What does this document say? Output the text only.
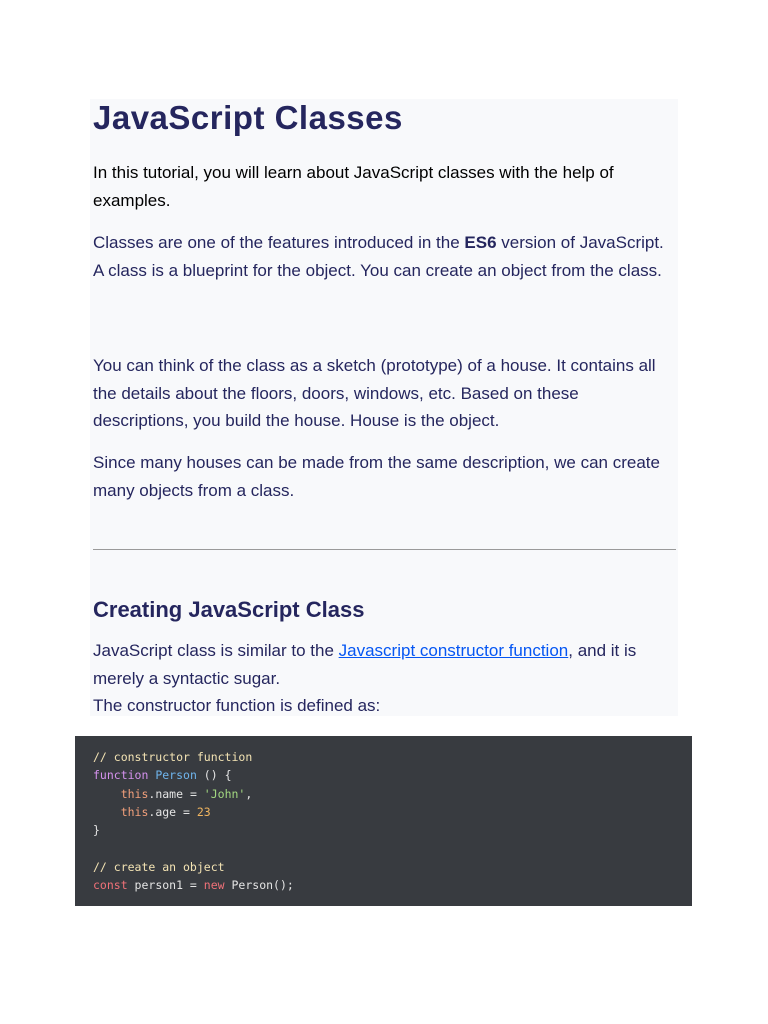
JavaScript Classes

In this tutorial, you will learn about JavaScript classes with the help of examples.

Classes are one of the features introduced in the ES6 version of JavaScript.
A class is a blueprint for the object. You can create an object from the class.

You can think of the class as a sketch (prototype) of a house. It contains all the details about the floors, doors, windows, etc. Based on these descriptions, you build the house. House is the object.

Since many houses can be made from the same description, we can create many objects from a class.

Creating JavaScript Class

JavaScript class is similar to the Javascript constructor function, and it is merely a syntactic sugar.
The constructor function is defined as:

// constructor function
function Person () {
this.name = 'John',
this.age = 23
}

// create an object
const person1 = new Person();
